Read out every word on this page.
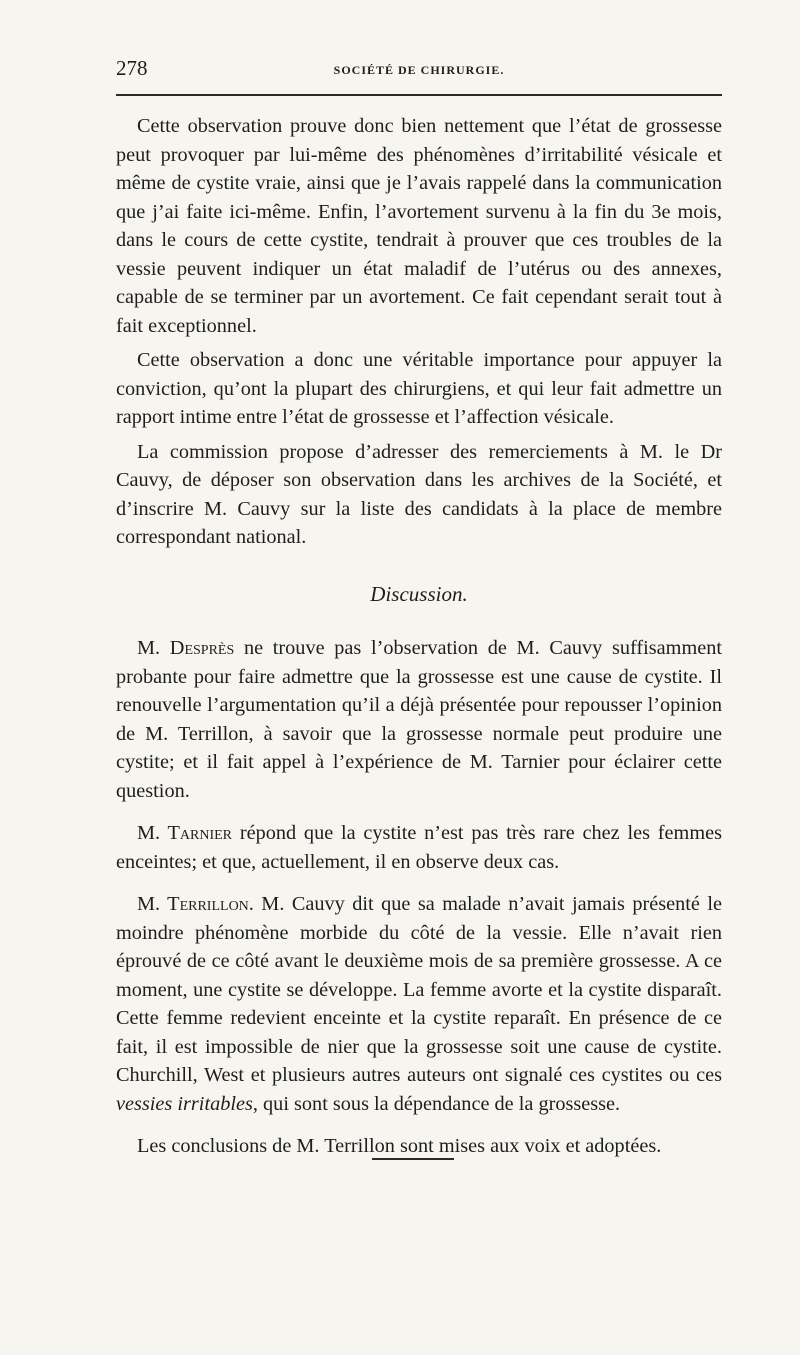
278	SOCIÉTÉ DE CHIRURGIE.

Cette observation prouve donc bien nettement que l’état de grossesse peut provoquer par lui-même des phénomènes d’irritabilité vésicale et même de cystite vraie, ainsi que je l’avais rappelé dans la communication que j’ai faite ici-même. Enfin, l’avortement survenu à la fin du 3e mois, dans le cours de cette cystite, tendrait à prouver que ces troubles de la vessie peuvent indiquer un état maladif de l’utérus ou des annexes, capable de se terminer par un avortement. Ce fait cependant serait tout à fait exceptionnel.

Cette observation a donc une véritable importance pour appuyer la conviction, qu’ont la plupart des chirurgiens, et qui leur fait admettre un rapport intime entre l’état de grossesse et l’affection vésicale.

La commission propose d’adresser des remerciements à M. le Dr Cauvy, de déposer son observation dans les archives de la Société, et d’inscrire M. Cauvy sur la liste des candidats à la place de membre correspondant national.

Discussion.

M. Desprès ne trouve pas l’observation de M. Cauvy suffisamment probante pour faire admettre que la grossesse est une cause de cystite. Il renouvelle l’argumentation qu’il a déjà présentée pour repousser l’opinion de M. Terrillon, à savoir que la grossesse normale peut produire une cystite; et il fait appel à l’expérience de M. Tarnier pour éclairer cette question.

M. Tarnier répond que la cystite n’est pas très rare chez les femmes enceintes; et que, actuellement, il en observe deux cas.

M. Terrillon. M. Cauvy dit que sa malade n’avait jamais présenté le moindre phénomène morbide du côté de la vessie. Elle n’avait rien éprouvé de ce côté avant le deuxième mois de sa première grossesse. A ce moment, une cystite se développe. La femme avorte et la cystite disparaît. Cette femme redevient enceinte et la cystite reparaît. En présence de ce fait, il est impossible de nier que la grossesse soit une cause de cystite. Churchill, West et plusieurs autres auteurs ont signalé ces cystites ou ces vessies irritables, qui sont sous la dépendance de la grossesse.

Les conclusions de M. Terrillon sont mises aux voix et adoptées.
